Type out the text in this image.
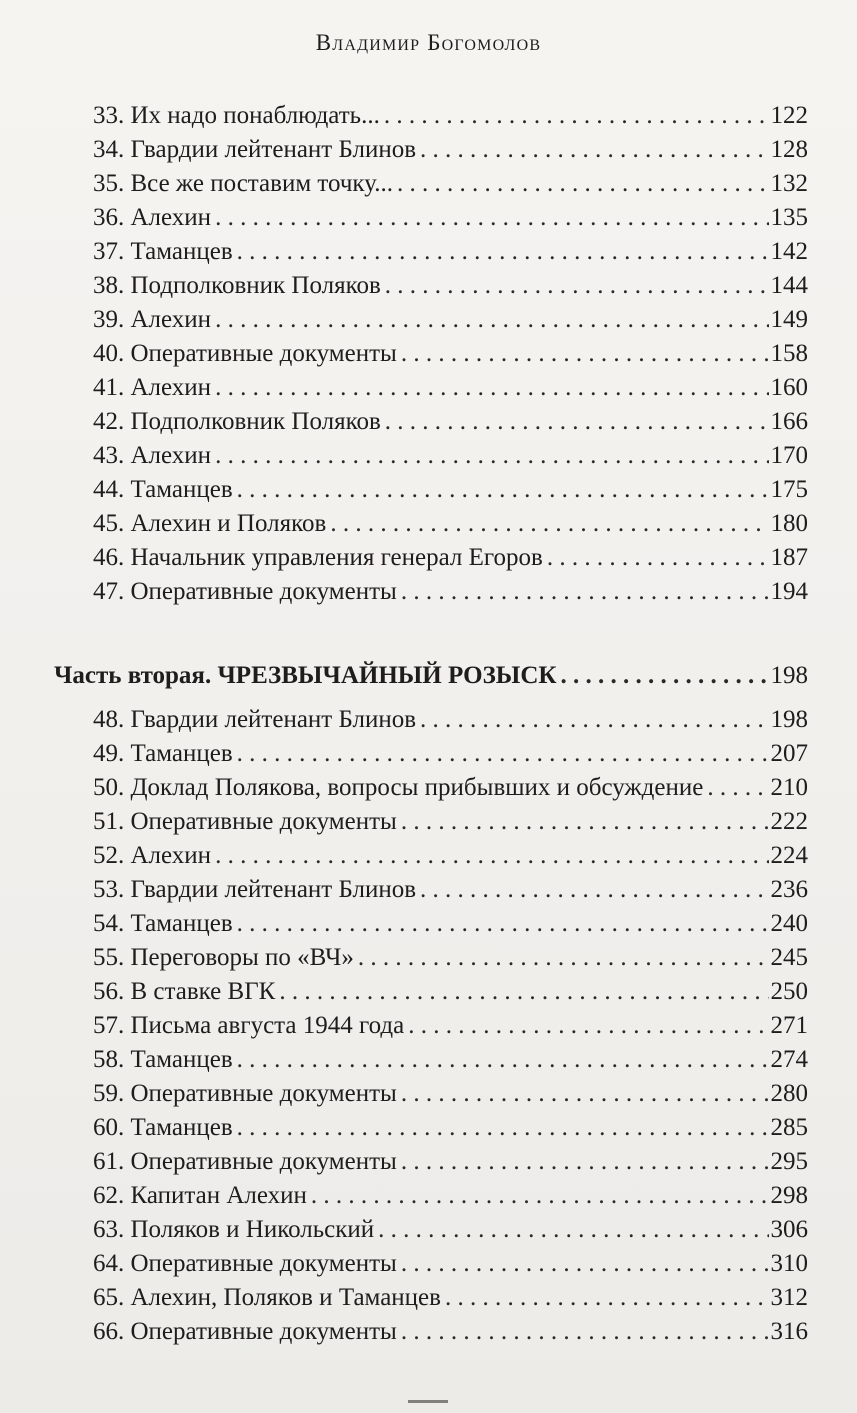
Владимир Богомолов
33. Их надо понаблюдать... . . .	122
34. Гвардии лейтенант Блинов . . .	128
35. Все же поставим точку... . . .	132
36. Алехин . . .	135
37. Таманцев . . .	142
38. Подполковник Поляков . . .	144
39. Алехин . . .	149
40. Оперативные документы . . .	158
41. Алехин . . .	160
42. Подполковник Поляков . . .	166
43. Алехин . . .	170
44. Таманцев . . .	175
45. Алехин и Поляков . . .	180
46. Начальник управления генерал Егоров . . .	187
47. Оперативные документы . . .	194
Часть вторая. ЧРЕЗВЫЧАЙНЫЙ РОЗЫСК . . .	198
48. Гвардии лейтенант Блинов . . .	198
49. Таманцев . . .	207
50. Доклад Полякова, вопросы прибывших и обсуждение . . .	210
51. Оперативные документы . . .	222
52. Алехин . . .	224
53. Гвардии лейтенант Блинов . . .	236
54. Таманцев . . .	240
55. Переговоры по «ВЧ» . . .	245
56. В ставке ВГК . . .	250
57. Письма августа 1944 года . . .	271
58. Таманцев . . .	274
59. Оперативные документы . . .	280
60. Таманцев . . .	285
61. Оперативные документы . . .	295
62. Капитан Алехин . . .	298
63. Поляков и Никольский . . .	306
64. Оперативные документы . . .	310
65. Алехин, Поляков и Таманцев . . .	312
66. Оперативные документы . . .	316
